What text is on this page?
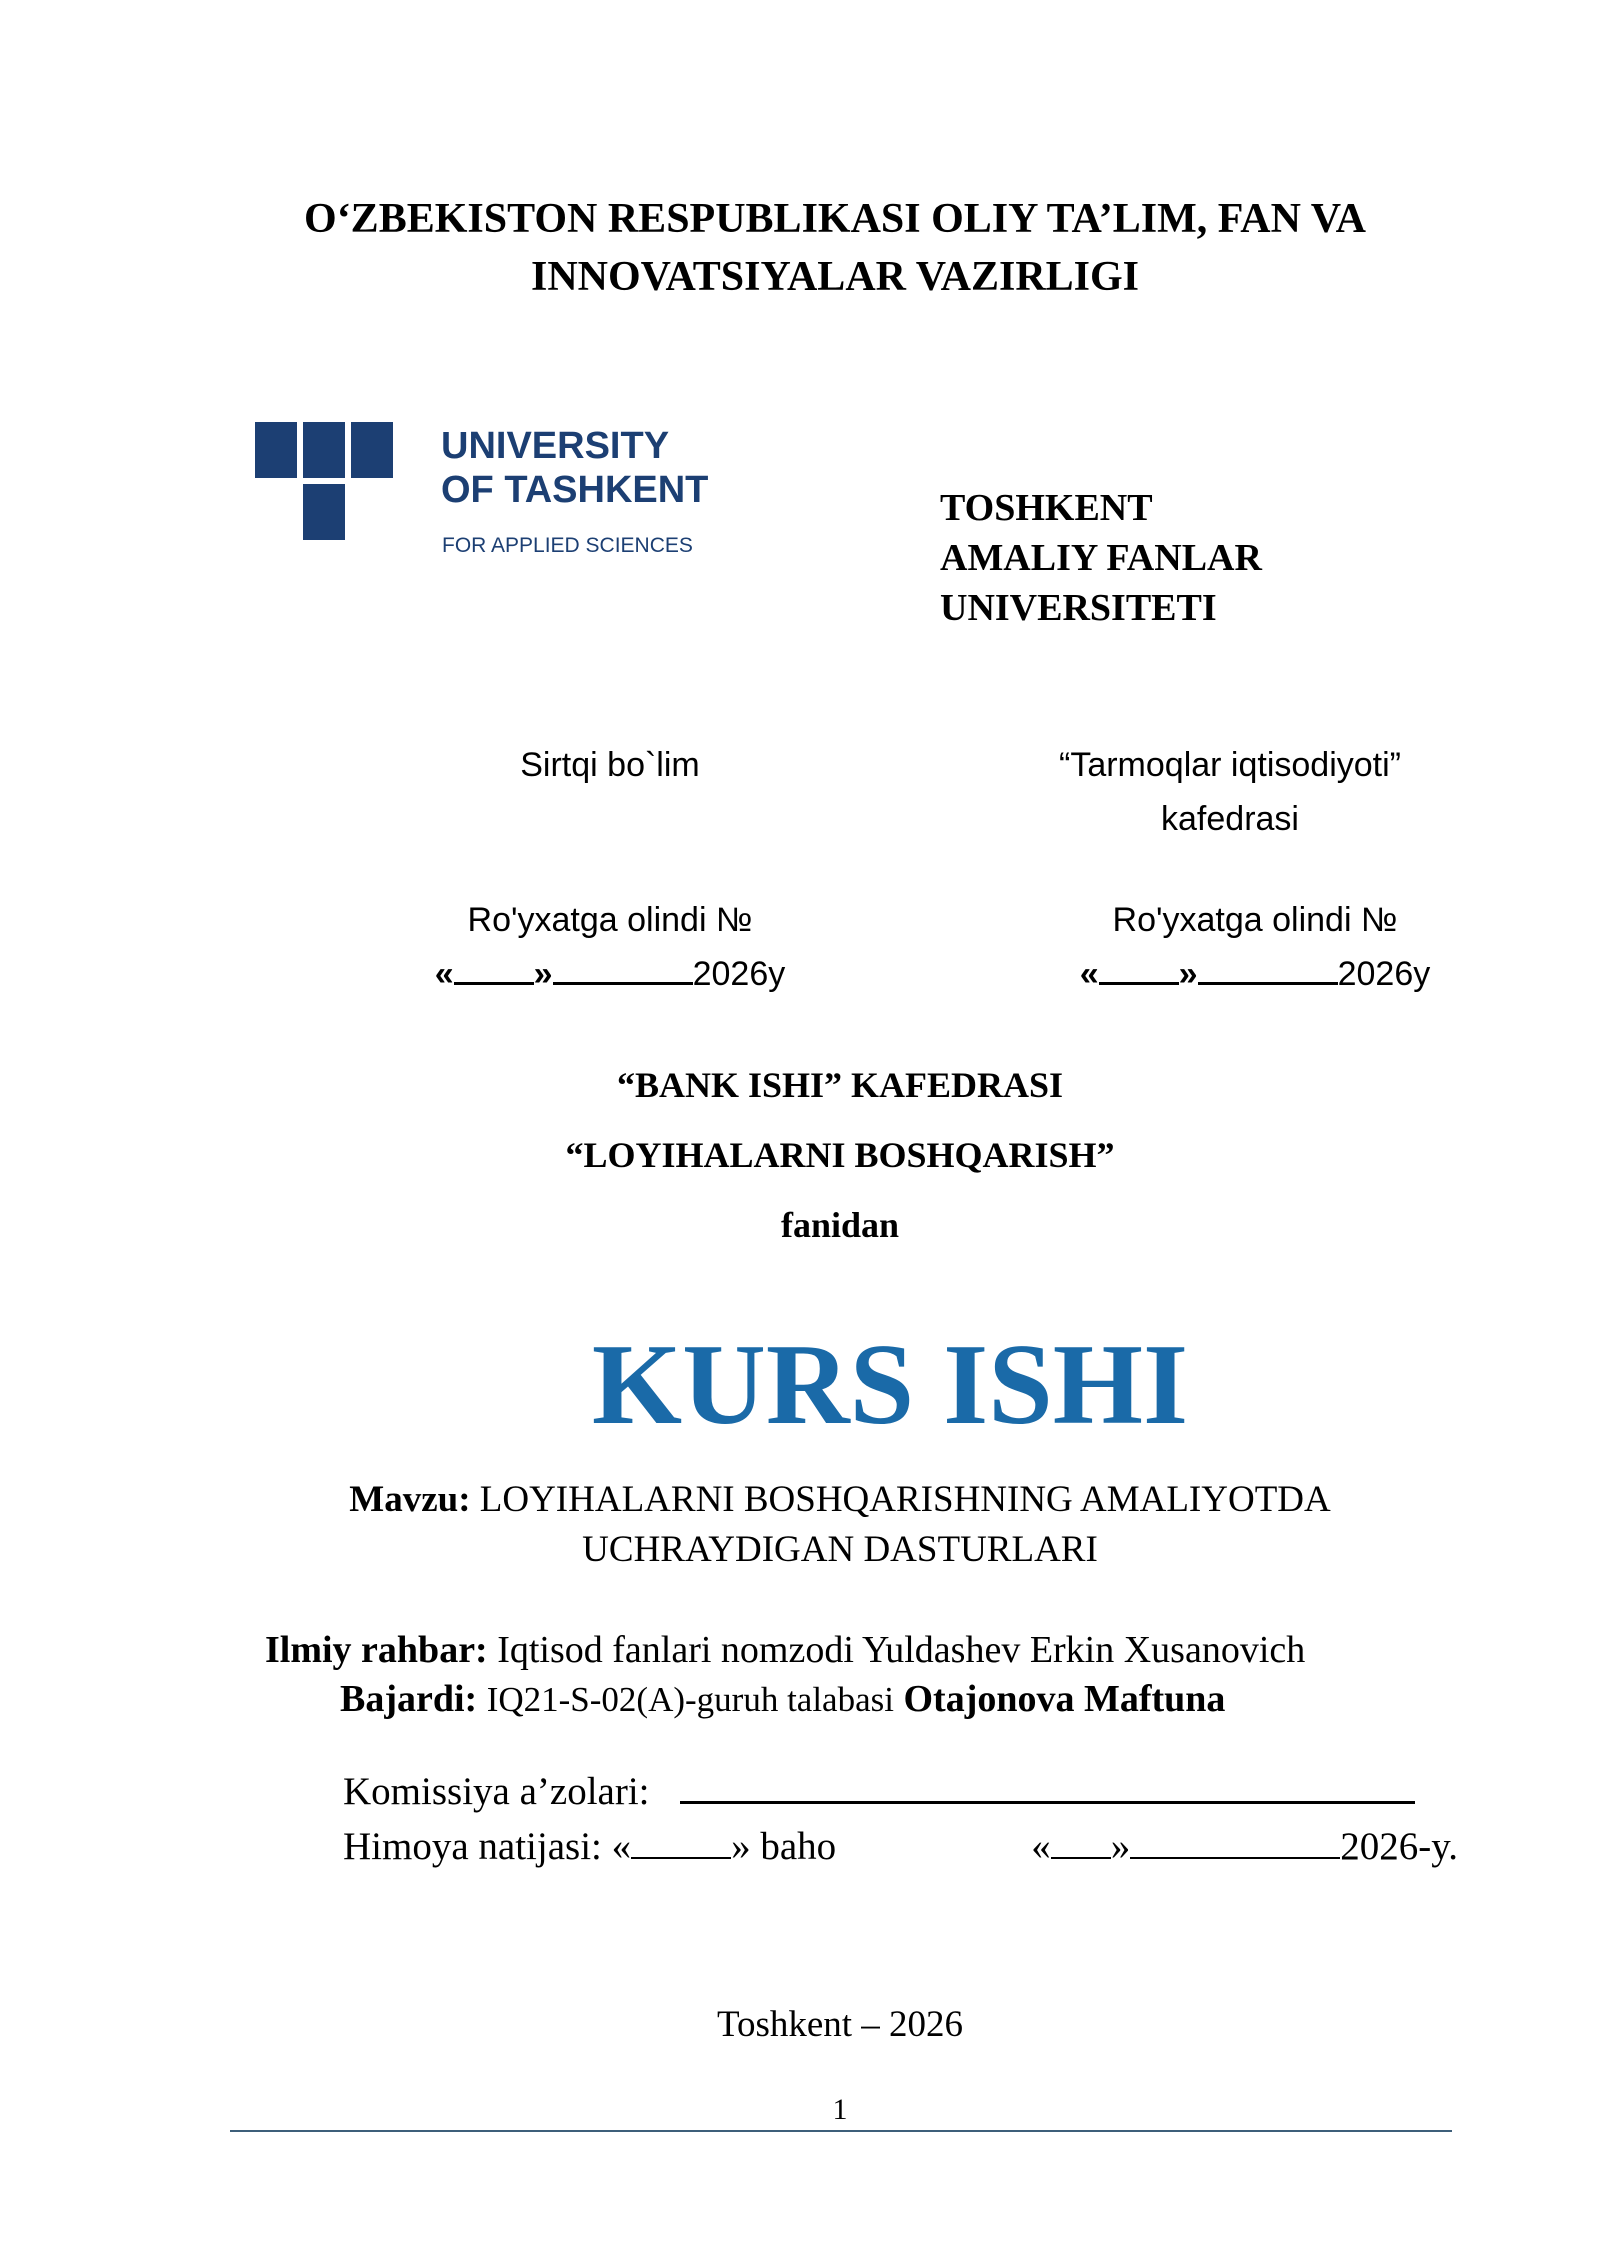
O‘ZBEKISTON RESPUBLIKASI OLIY TA’LIM, FAN VA
INNOVATSIYALAR VAZIRLIGI
UNIVERSITY
OF TASHKENT
FOR APPLIED SCIENCES
TOSHKENT
AMALIY FANLAR
UNIVERSITETI
Sirtqi bo`lim	“Tarmoqlar iqtisodiyoti”
kafedrasi
Ro'yxatga olindi №
« »	2026y
Ro'yxatga olindi №
« »	2026y
“BANK ISHI” KAFEDRASI
“LOYIHALARNI BOSHQARISH”
fanidan
KURS ISHI
Mavzu: LOYIHALARNI BOSHQARISHNING AMALIYOTDA
UCHRAYDIGAN DASTURLARI
Ilmiy rahbar: Iqtisod fanlari nomzodi Yuldashev Erkin Xusanovich
Bajardi: IQ21-S-02(A)-guruh talabasi Otajonova Maftuna
Komissiya a’zolari:
Himoya natijasi: «	» baho	« »	2026-y.
Toshkent – 2026
1
